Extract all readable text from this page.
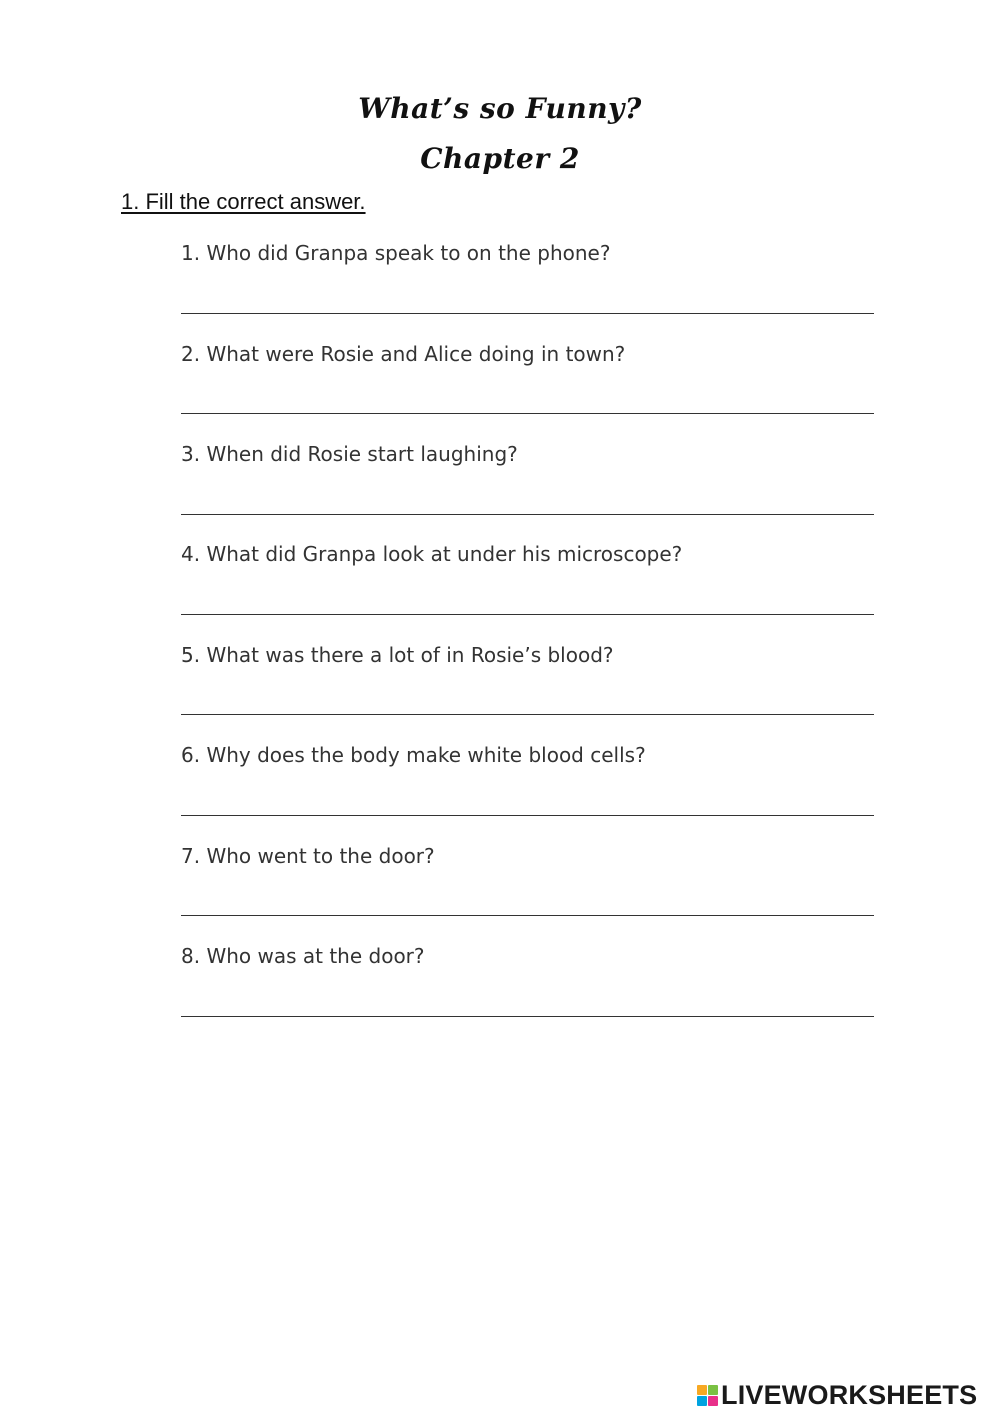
What’s so Funny?
Chapter 2
1. Fill the correct answer.
1. Who did Granpa speak to on the phone?
2. What were Rosie and Alice doing in town?
3. When did Rosie start laughing?
4. What did Granpa look at under his microscope?
5. What was there a lot of in Rosie’s blood?
6. Why does the body make white blood cells?
7. Who went to the door?
8. Who was at the door?
LIVEWORKSHEETS
